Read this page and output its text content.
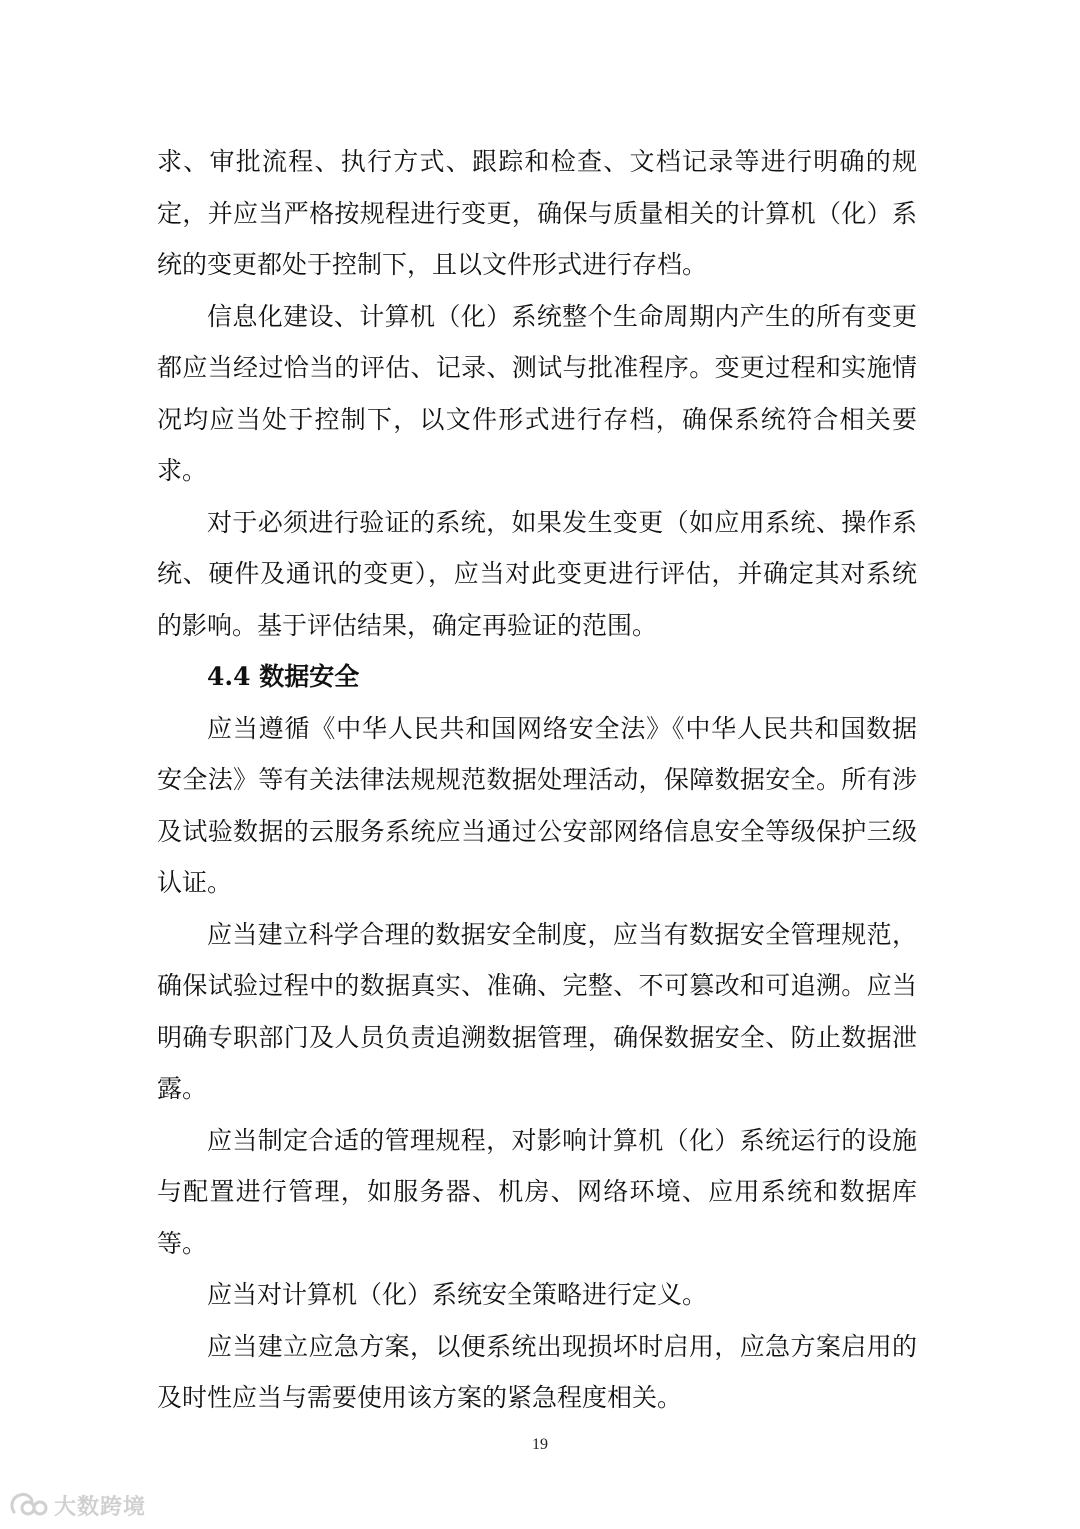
求、审批流程、执行方式、跟踪和检查、文档记录等进行明确的规
定，并应当严格按规程进行变更，确保与质量相关的计算机（化）系
统的变更都处于控制下，且以文件形式进行存档。
信息化建设、计算机（化）系统整个生命周期内产生的所有变更
都应当经过恰当的评估、记录、测试与批准程序。变更过程和实施情
况均应当处于控制下，以文件形式进行存档，确保系统符合相关要
求。
对于必须进行验证的系统，如果发生变更（如应用系统、操作系
统、硬件及通讯的变更），应当对此变更进行评估，并确定其对系统
的影响。基于评估结果，确定再验证的范围。
4.4 数据安全
应当遵循《中华人民共和国网络安全法》《中华人民共和国数据
安全法》等有关法律法规规范数据处理活动，保障数据安全。所有涉
及试验数据的云服务系统应当通过公安部网络信息安全等级保护三级
认证。
应当建立科学合理的数据安全制度，应当有数据安全管理规范，
确保试验过程中的数据真实、准确、完整、不可篡改和可追溯。应当
明确专职部门及人员负责追溯数据管理，确保数据安全、防止数据泄
露。
应当制定合适的管理规程，对影响计算机（化）系统运行的设施
与配置进行管理，如服务器、机房、网络环境、应用系统和数据库
等。
应当对计算机（化）系统安全策略进行定义。
应当建立应急方案，以便系统出现损坏时启用，应急方案启用的
及时性应当与需要使用该方案的紧急程度相关。
19
大数跨境
